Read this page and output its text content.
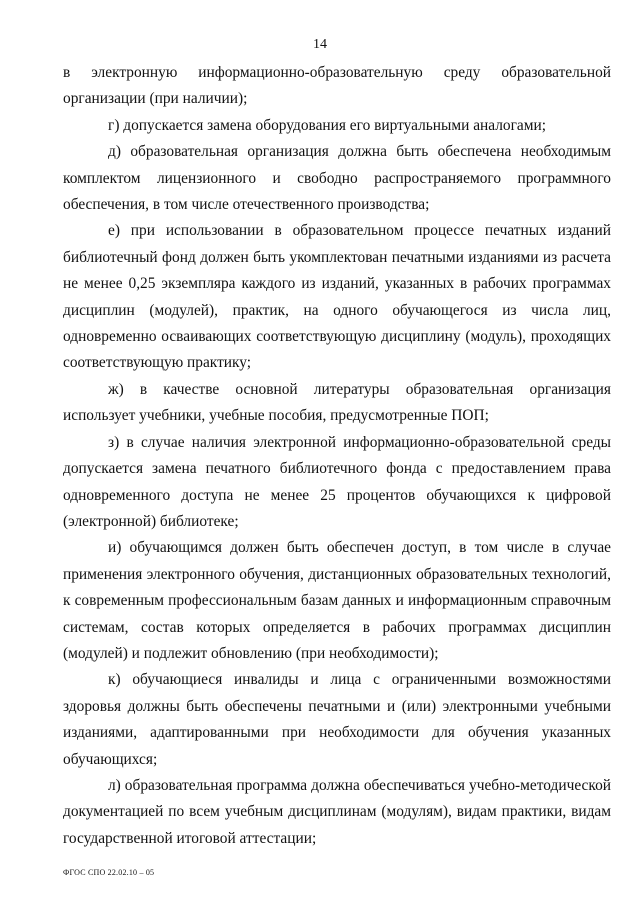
14

в электронную информационно-образовательную среду образовательной организации (при наличии);

г) допускается замена оборудования его виртуальными аналогами;

д) образовательная организация должна быть обеспечена необходимым комплектом лицензионного и свободно распространяемого программного обеспечения, в том числе отечественного производства;

е) при использовании в образовательном процессе печатных изданий библиотечный фонд должен быть укомплектован печатными изданиями из расчета не менее 0,25 экземпляра каждого из изданий, указанных в рабочих программах дисциплин (модулей), практик, на одного обучающегося из числа лиц, одновременно осваивающих соответствующую дисциплину (модуль), проходящих соответствующую практику;

ж) в качестве основной литературы образовательная организация использует учебники, учебные пособия, предусмотренные ПОП;

з) в случае наличия электронной информационно-образовательной среды допускается замена печатного библиотечного фонда с предоставлением права одновременного доступа не менее 25 процентов обучающихся к цифровой (электронной) библиотеке;

и) обучающимся должен быть обеспечен доступ, в том числе в случае применения электронного обучения, дистанционных образовательных технологий, к современным профессиональным базам данных и информационным справочным системам, состав которых определяется в рабочих программах дисциплин (модулей) и подлежит обновлению (при необходимости);

к) обучающиеся инвалиды и лица с ограниченными возможностями здоровья должны быть обеспечены печатными и (или) электронными учебными изданиями, адаптированными при необходимости для обучения указанных обучающихся;

л) образовательная программа должна обеспечиваться учебно-методической документацией по всем учебным дисциплинам (модулям), видам практики, видам государственной итоговой аттестации;

ФГОС СПО 22.02.10 – 05
